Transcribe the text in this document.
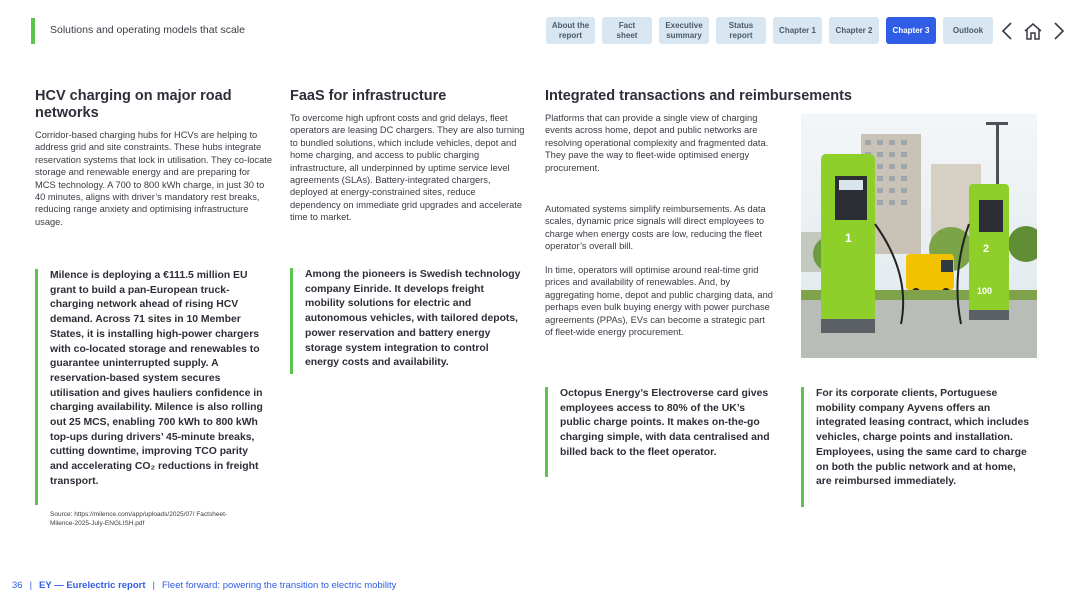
Solutions and operating models that scale	About the
report
Fact
sheet
Executive
summary
Status
report
Chapter 1	Chapter 2	Chapter 3	Outlook
HCV charging on major road networks
Corridor-based charging hubs for HCVs are helping to address grid and site constraints. These hubs integrate reservation systems that lock in utilisation. They co-locate storage and renewable energy and are preparing for MCS technology. A 700 to 800 kWh charge, in just 30 to 40 minutes, aligns with driver’s mandatory rest breaks, reducing range anxiety and optimising infrastructure usage.
Milence is deploying a €111.5 million EU grant to build a pan-European truck-charging network ahead of rising HCV demand. Across 71 sites in 10 Member States, it is installing high-power chargers with co-located storage and renewables to guarantee uninterrupted supply. A reservation-based system secures utilisation and gives hauliers confidence in charging availability. Milence is also rolling out 25 MCS, enabling 700 kWh to 800 kWh top-ups during drivers’ 45-minute breaks, cutting downtime, improving TCO parity and accelerating CO₂ reductions in freight transport.
Source: https://milence.com/app/uploads/2025/07/ Factsheet-Milence-2025-July-ENGLISH.pdf
FaaS for infrastructure
To overcome high upfront costs and grid delays, fleet operators are leasing DC chargers. They are also turning to bundled solutions, which include vehicles, depot and home charging, and access to public charging infrastructure, all underpinned by uptime service level agreements (SLAs). Battery-integrated chargers, deployed at energy-constrained sites, reduce dependency on immediate grid upgrades and accelerate time to market.
Among the pioneers is Swedish technology company Einride. It develops freight mobility solutions for electric and autonomous vehicles, with tailored depots, power reservation and battery energy storage system integration to control energy costs and availability.
Integrated transactions and reimbursements
Platforms that can provide a single view of charging events across home, depot and public networks are resolving operational complexity and fragmented data. They pave the way to fleet-wide optimised energy procurement.
Automated systems simplify reimbursements. As data scales, dynamic price signals will direct employees to charge when energy costs are low, reducing the fleet operator’s overall bill.
In time, operators will optimise around real-time grid prices and availability of renewables. And, by aggregating home, depot and public charging data, and perhaps even bulk buying energy with power purchase agreements (PPAs), EVs can become a strategic part of fleet-wide energy procurement.
1
2
100
Octopus Energy’s Electroverse card gives employees access to 80% of the UK’s public charge points. It makes on-the-go charging simple, with data centralised and billed back to the fleet operator.
For its corporate clients, Portuguese mobility company Ayvens offers an integrated leasing contract, which includes vehicles, charge points and installation. Employees, using the same card to charge on both the public network and at home, are reimbursed immediately.
36 | EY — Eurelectric report | Fleet forward: powering the transition to electric mobility
